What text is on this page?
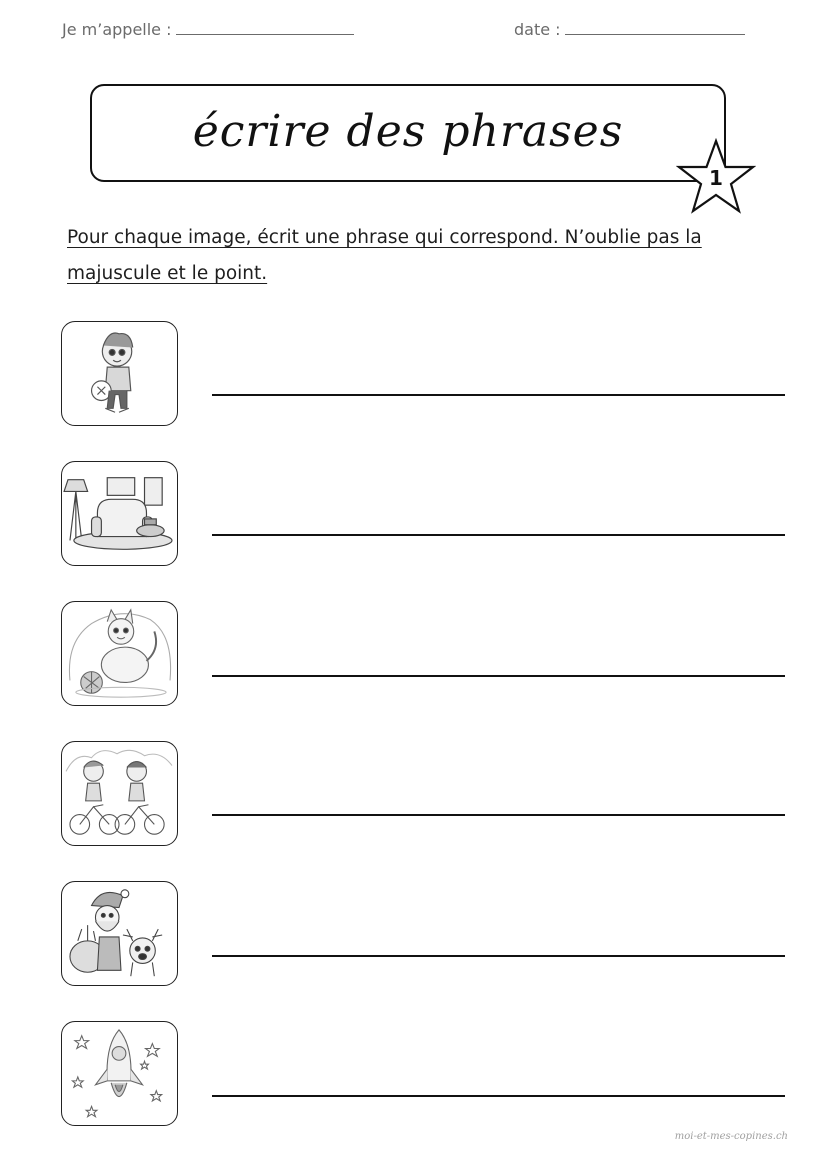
Je m’appelle :	date :
écrire des phrases
1
Pour chaque image, écrit une phrase qui correspond. N’oublie pas la majuscule et le point.
moi-et-mes-copines.ch
